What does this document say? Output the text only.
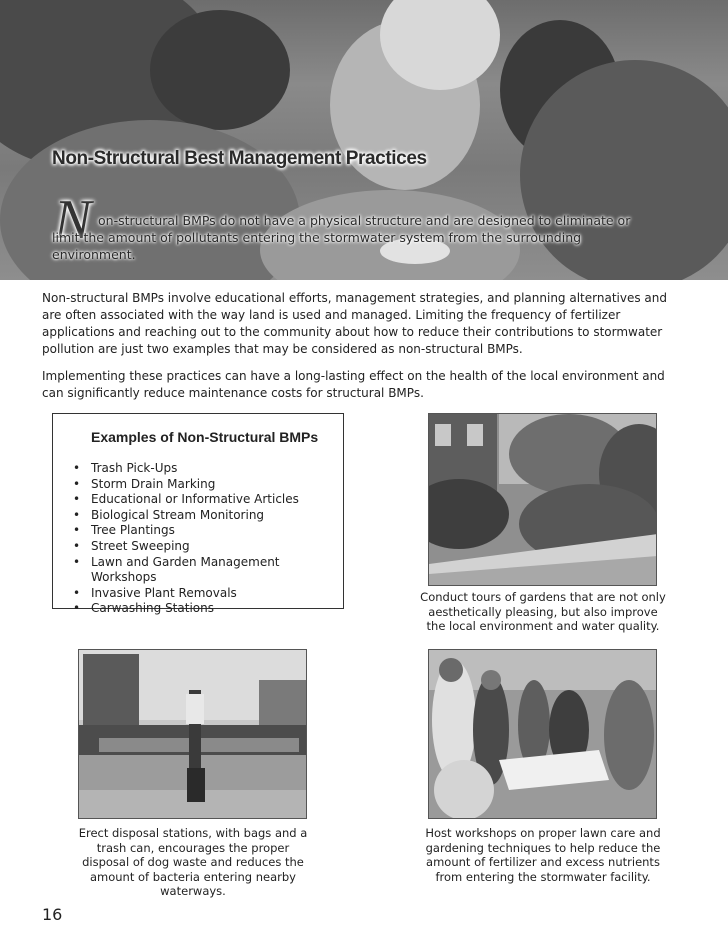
Non-Structural Best Management Practices
N on-structural BMPs do not have a physical structure and are designed to eliminate or limit the amount of pollutants entering the stormwater system from the surrounding environment.

Non-structural BMPs involve educational efforts, management strategies, and planning alternatives and are often associated with the way land is used and managed. Limiting the frequency of fertilizer applications and reaching out to the community about how to reduce their contributions to stormwater pollution are just two examples that may be considered as non-structural BMPs.

Implementing these practices can have a long-lasting effect on the health of the local environment and can significantly reduce maintenance costs for structural BMPs.

Examples of Non-Structural BMPs
• Trash Pick-Ups
• Storm Drain Marking
• Educational or Informative Articles
• Biological Stream Monitoring
• Tree Plantings
• Street Sweeping
• Lawn and Garden Management Workshops
• Invasive Plant Removals
• Carwashing Stations

Conduct tours of gardens that are not only aesthetically pleasing, but also improve the local environment and water quality.

Erect disposal stations, with bags and a trash can, encourages the proper disposal of dog waste and reduces the amount of bacteria entering nearby waterways.

Host workshops on proper lawn care and gardening techniques to help reduce the amount of fertilizer and excess nutrients from entering the stormwater facility.

16
